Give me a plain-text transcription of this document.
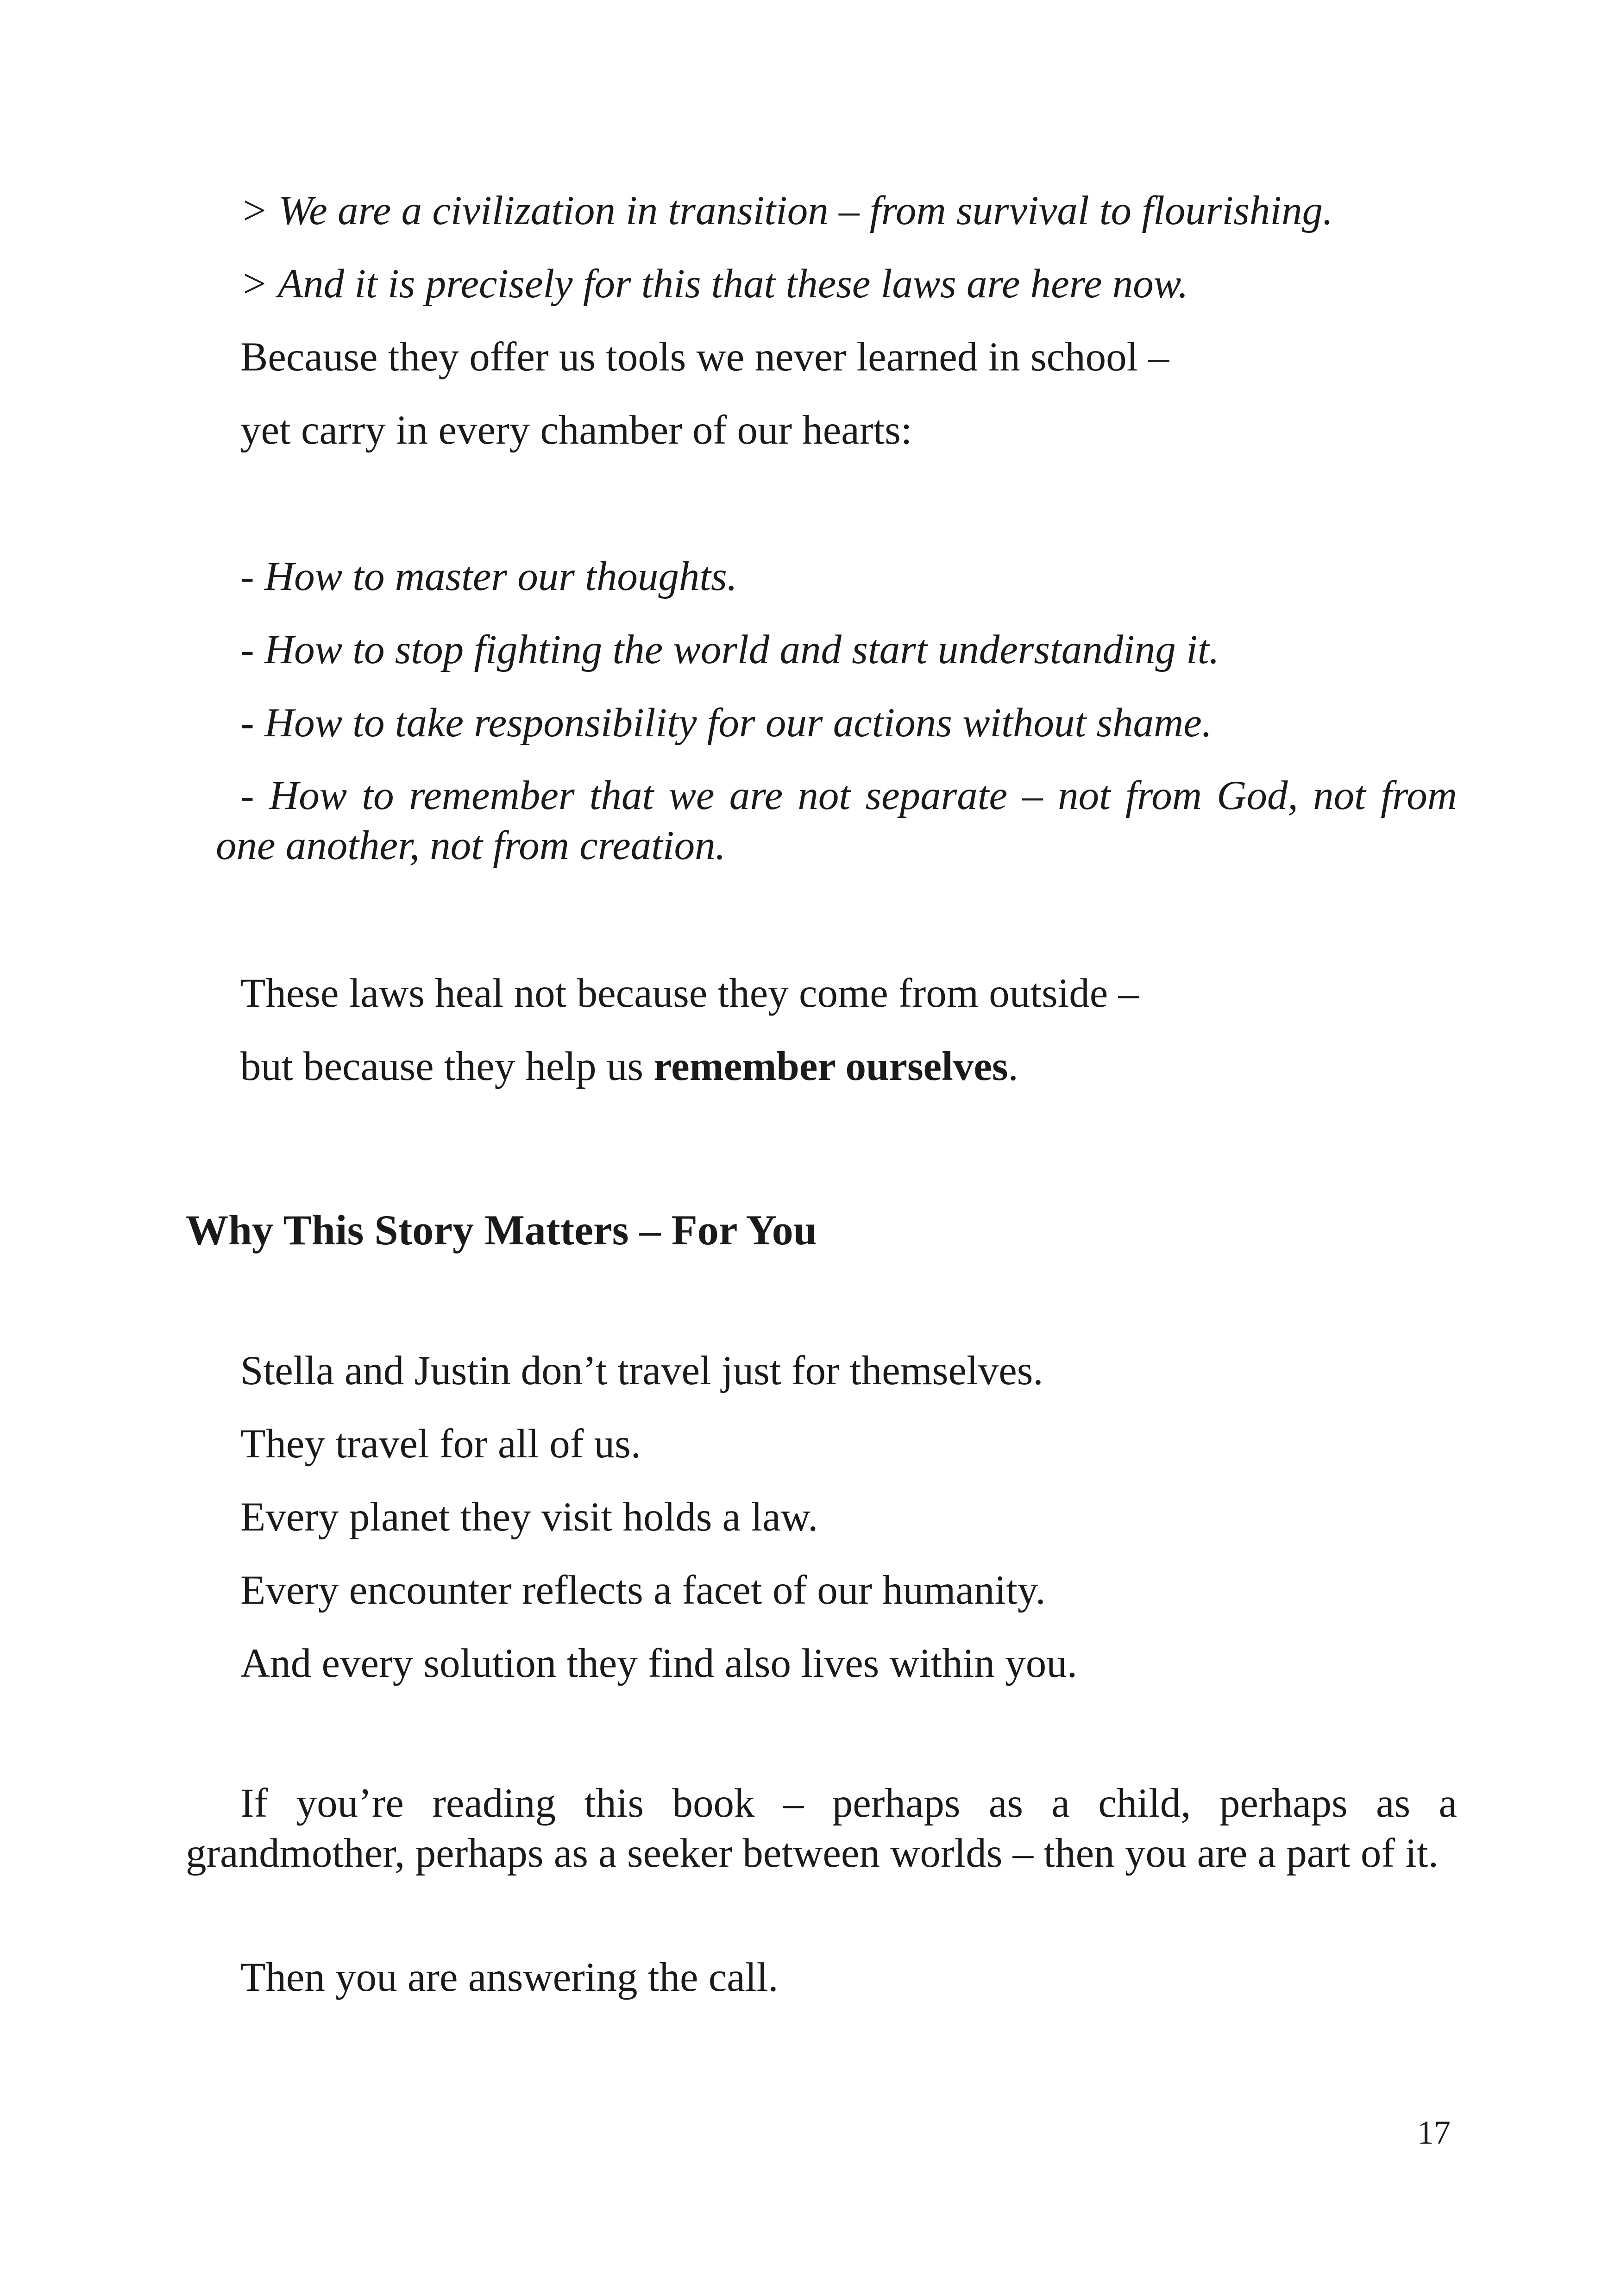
> We are a civilization in transition – from survival to flourishing.

> And it is precisely for this that these laws are here now.

Because they offer us tools we never learned in school –

yet carry in every chamber of our hearts:

- How to master our thoughts.

- How to stop fighting the world and start understanding it.

- How to take responsibility for our actions without shame.

- How to remember that we are not separate – not from God, not from one another, not from creation.

These laws heal not because they come from outside –

but because they help us remember ourselves.

Why This Story Matters – For You

Stella and Justin don’t travel just for themselves.

They travel for all of us.

Every planet they visit holds a law.

Every encounter reflects a facet of our humanity.

And every solution they find also lives within you.

If you’re reading this book – perhaps as a child, perhaps as a grandmother, perhaps as a seeker between worlds – then you are a part of it.

Then you are answering the call.

17
